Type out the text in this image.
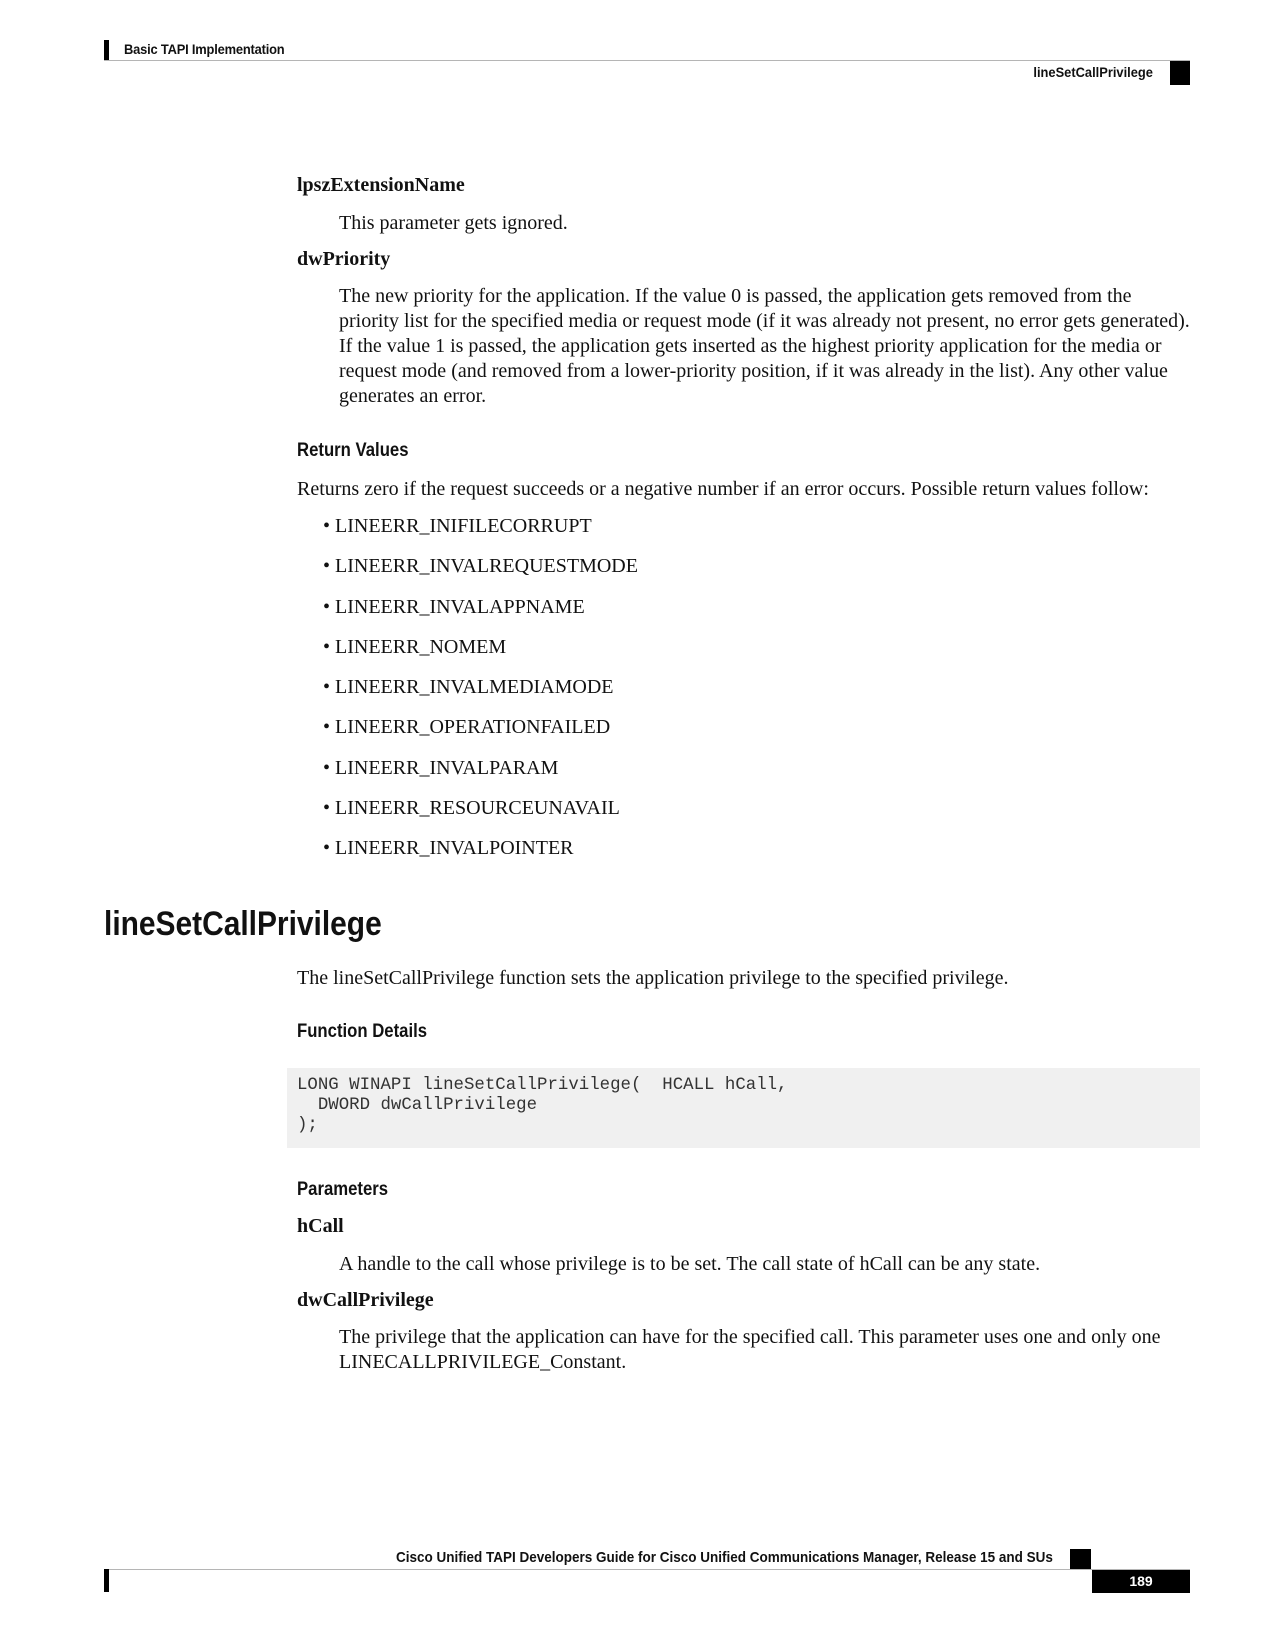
Basic TAPI Implementation
lineSetCallPrivilege
lpszExtensionName
This parameter gets ignored.
dwPriority
The new priority for the application. If the value 0 is passed, the application gets removed from the priority list for the specified media or request mode (if it was already not present, no error gets generated). If the value 1 is passed, the application gets inserted as the highest priority application for the media or request mode (and removed from a lower-priority position, if it was already in the list). Any other value generates an error.
Return Values
Returns zero if the request succeeds or a negative number if an error occurs. Possible return values follow:
• LINEERR_INIFILECORRUPT
• LINEERR_INVALREQUESTMODE
• LINEERR_INVALAPPNAME
• LINEERR_NOMEM
• LINEERR_INVALMEDIAMODE
• LINEERR_OPERATIONFAILED
• LINEERR_INVALPARAM
• LINEERR_RESOURCEUNAVAIL
• LINEERR_INVALPOINTER
lineSetCallPrivilege
The lineSetCallPrivilege function sets the application privilege to the specified privilege.
Function Details
LONG WINAPI lineSetCallPrivilege(  HCALL hCall,
DWORD dwCallPrivilege
);
Parameters
hCall
A handle to the call whose privilege is to be set. The call state of hCall can be any state.
dwCallPrivilege
The privilege that the application can have for the specified call. This parameter uses one and only one LINECALLPRIVILEGE_Constant.
Cisco Unified TAPI Developers Guide for Cisco Unified Communications Manager, Release 15 and SUs
189
